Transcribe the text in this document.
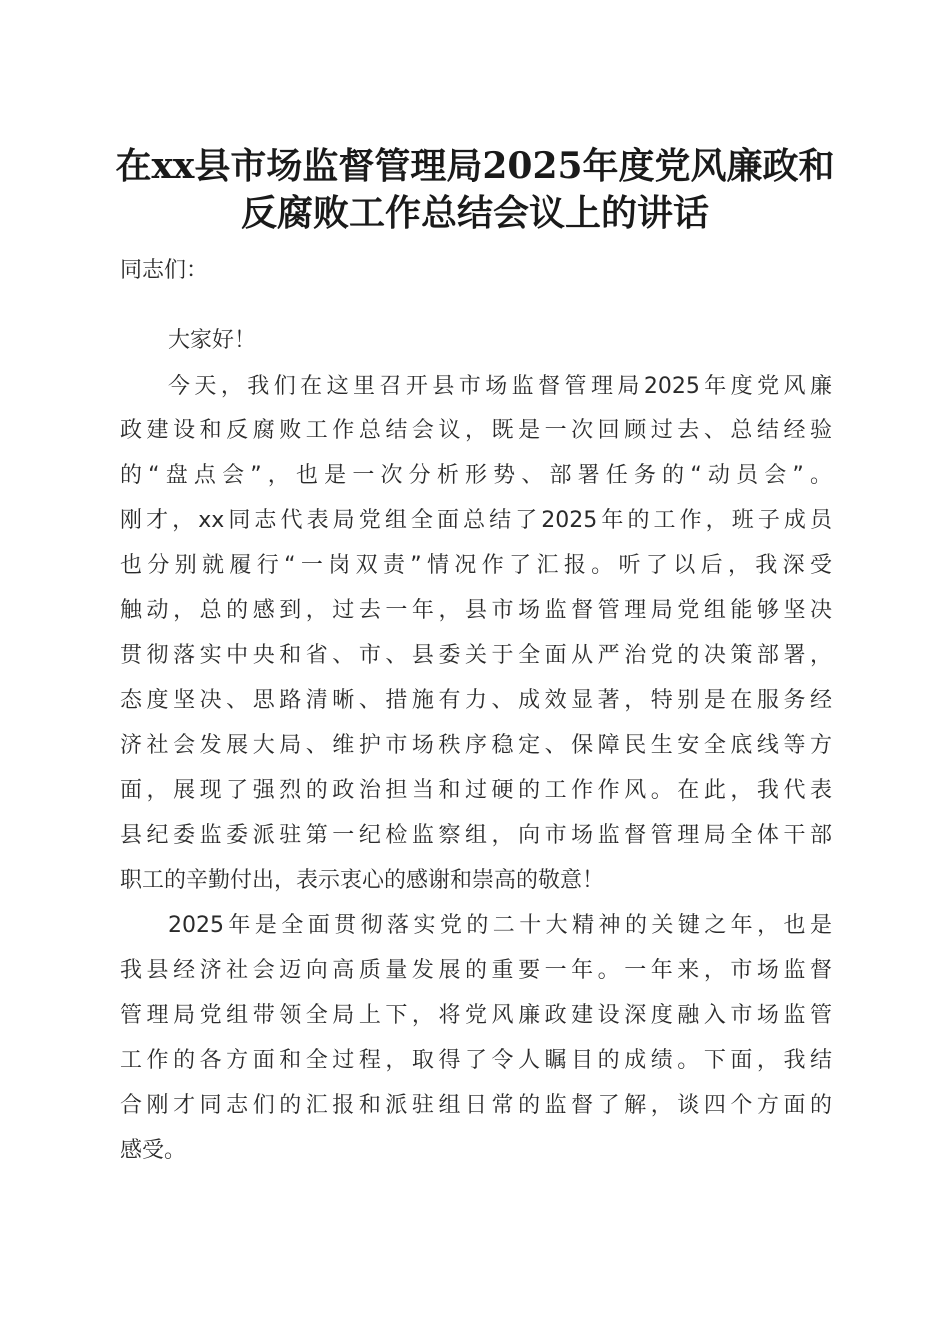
在xx县市场监督管理局2025年度党风廉政和
反腐败工作总结会议上的讲话
同志们：
大家好！
今天，我们在这里召开县市场监督管理局2025年度党风廉
政建设和反腐败工作总结会议，既是一次回顾过去、总结经验
的“盘点会”，也是一次分析形势、部署任务的“动员会”。
刚才，xx同志代表局党组全面总结了2025年的工作，班子成员
也分别就履行“一岗双责”情况作了汇报。听了以后，我深受
触动，总的感到，过去一年，县市场监督管理局党组能够坚决
贯彻落实中央和省、市、县委关于全面从严治党的决策部署，
态度坚决、思路清晰、措施有力、成效显著，特别是在服务经
济社会发展大局、维护市场秩序稳定、保障民生安全底线等方
面，展现了强烈的政治担当和过硬的工作作风。在此，我代表
县纪委监委派驻第一纪检监察组，向市场监督管理局全体干部
职工的辛勤付出，表示衷心的感谢和崇高的敬意！
2025年是全面贯彻落实党的二十大精神的关键之年，也是
我县经济社会迈向高质量发展的重要一年。一年来，市场监督
管理局党组带领全局上下，将党风廉政建设深度融入市场监管
工作的各方面和全过程，取得了令人瞩目的成绩。下面，我结
合刚才同志们的汇报和派驻组日常的监督了解，谈四个方面的
感受。
